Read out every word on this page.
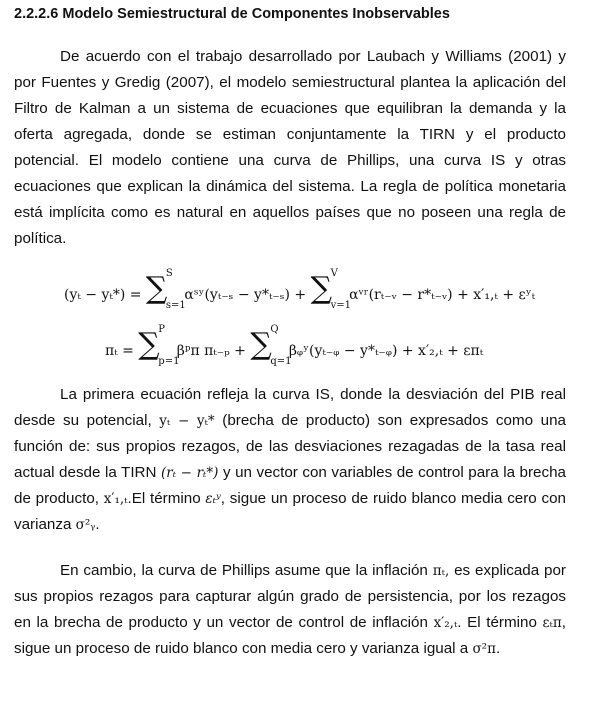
2.2.2.6 Modelo Semiestructural de Componentes Inobservables

De acuerdo con el trabajo desarrollado por Laubach y Williams (2001) y por Fuentes y Gredig (2007), el modelo semiestructural plantea la aplicación del Filtro de Kalman a un sistema de ecuaciones que equilibran la demanda y la oferta agregada, donde se estiman conjuntamente la TIRN y el producto potencial. El modelo contiene una curva de Phillips, una curva IS y otras ecuaciones que explican la dinámica del sistema. La regla de política monetaria está implícita como es natural en aquellos países que no poseen una regla de política.

(yₜ − yₜ*) = ∑
S
s=1
αˢʸ(yₜ₋ₛ − y*ₜ₋ₛ) + ∑
V
v=1
αᵛʳ(rₜ₋ᵥ − r*ₜ₋ᵥ) + x′₁,ₜ + εʸₜ
πₜ = ∑
P
p=1
βᵖπ πₜ₋ₚ + ∑
Q
q=1
βᵩʸ(yₜ₋ᵩ − y*ₜ₋ᵩ) + x′₂,ₜ + επₜ

La primera ecuación refleja la curva IS, donde la desviación del PIB real desde su potencial, yₜ − yₜ* (brecha de producto) son expresados como una función de: sus propios rezagos, de las desviaciones rezagadas de la tasa real actual desde la TIRN (rₜ − rₜ*) y un vector con variables de control para la brecha de producto, x′₁,ₜ.El término εₜʸ, sigue un proceso de ruido blanco media cero con varianza σ²ᵧ.

En cambio, la curva de Phillips asume que la inflación πₜ, es explicada por sus propios rezagos para capturar algún grado de persistencia, por los rezagos en la brecha de producto y un vector de control de inflación x′₂,ₜ. El término εₜπ, sigue un proceso de ruido blanco con media cero y varianza igual a σ²π.
